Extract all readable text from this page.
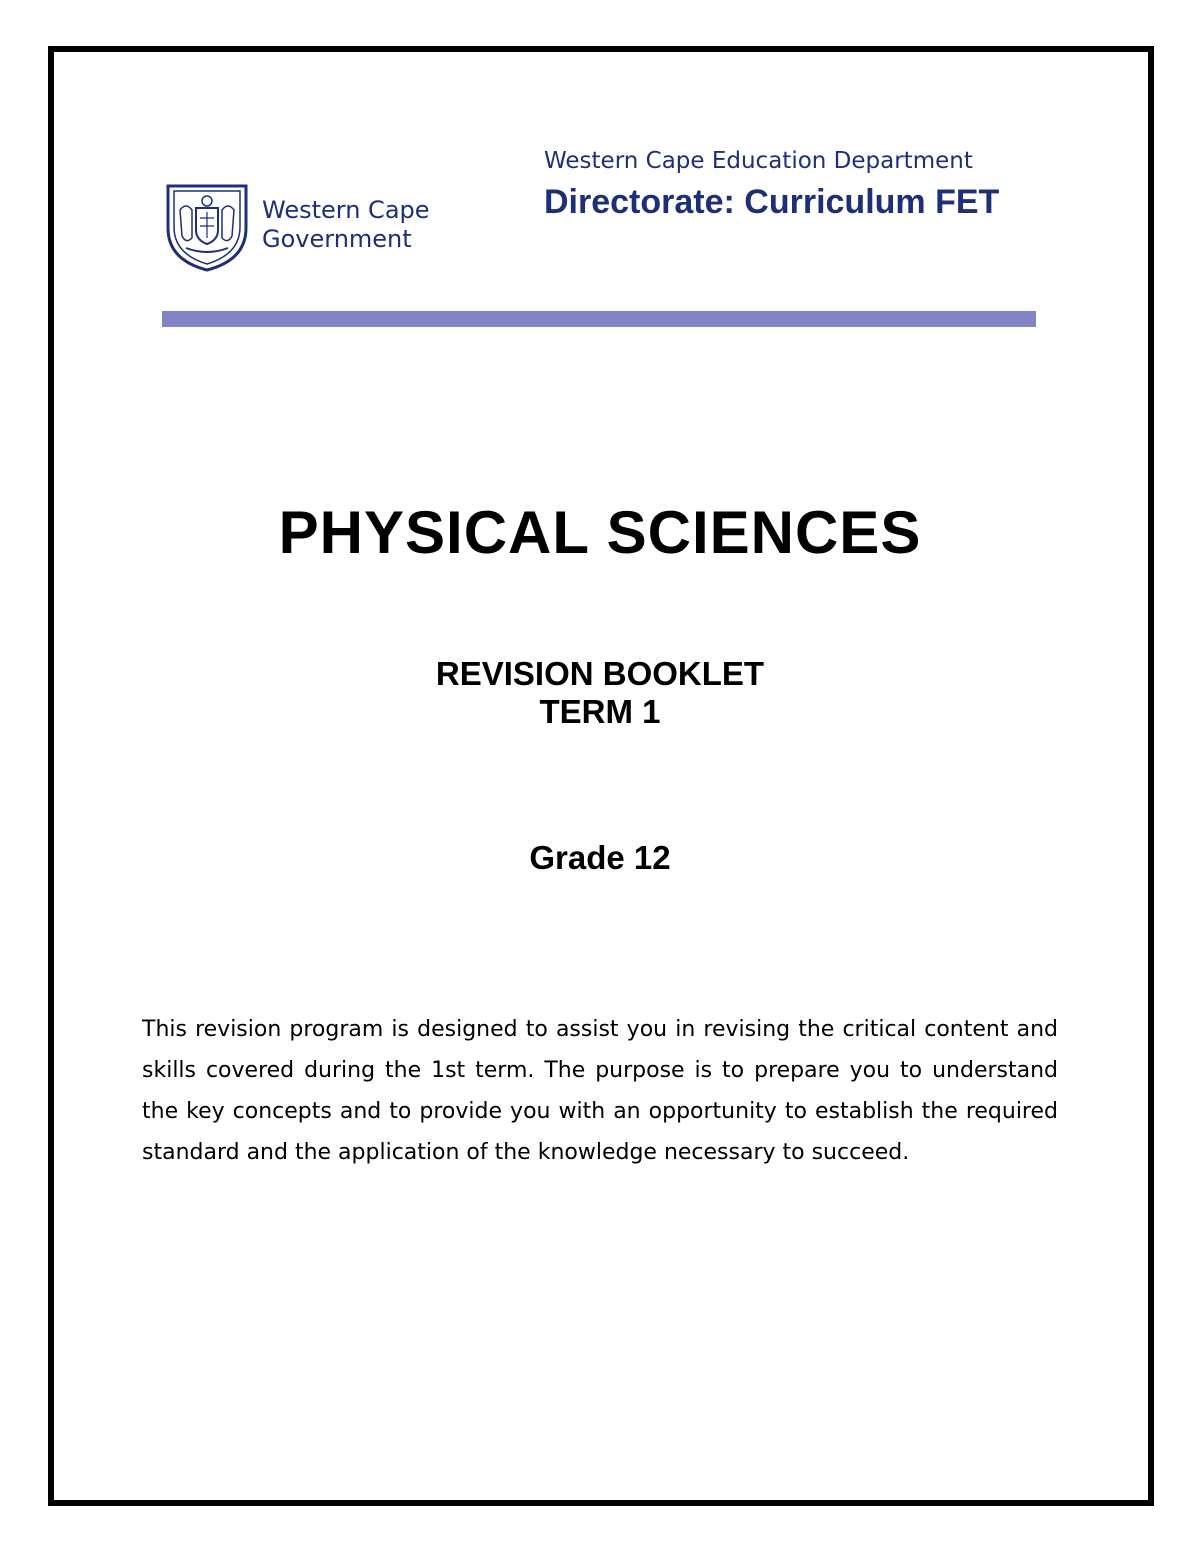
Western Cape
Government
Western Cape Education Department
Directorate: Curriculum FET
PHYSICAL SCIENCES
REVISION BOOKLET
TERM 1
Grade 12

This revision program is designed to assist you in revising the critical content and skills covered during the 1st term. The purpose is to prepare you to understand the key concepts and to provide you with an opportunity to establish the required standard and the application of the knowledge necessary to succeed.
